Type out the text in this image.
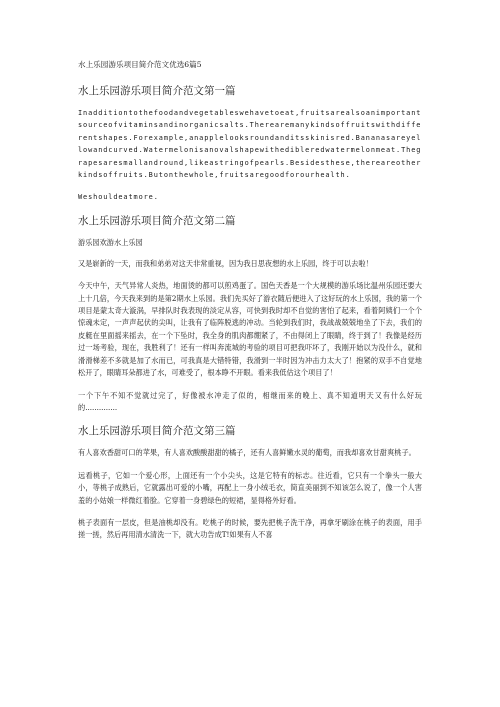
水上乐园游乐项目简介范文优选6篇5
水上乐园游乐项目简介范文第一篇
Inadditiontothefoodandvegetableswehavetoeat,fruitsarealsoanimportantsourceofvitaminsandinorganicsalts.Therearemanykindsoffruitswithdifferentshapes.Forexample,anapplelooksroundanditsskinisred.Bananasareyellowandcurved.Watermelonisanovalshapewithedibleredwatermelonmeat.Thegrapesaresmallandround,likeastringofpearls.Besidesthese,thereareotherkindsoffruits.Butonthewhole,fruitsaregoodforourhealth.
Weshouldeatmore.
水上乐园游乐项目简介范文第二篇
游乐园欢游水上乐园
又是崭新的一天，而我和弟弟对这天非常重视，因为我日思夜想的水上乐园，终于可以去啦！
今天中午，天气异常人炎热，地面烫的都可以煎鸡蛋了。国色天香是一个大规模的游乐场比温州乐园还要大上十几倍，今天我来到的是第2期水上乐园。我们先买好了游衣随后便进入了这好玩的水上乐园，我的第一个项目是蒙太奇大漩涡，早排队时我表现的淡定从容，可快到我时却不自觉的害怕了起来，看着阿姨们一个个惊魂未定，一声声起伏的尖叫，让我有了临阵脱逃的冲动。当轮到我们时，我战战兢兢地坐了下去，我们的皮艇在里面摇来摇去，在一个下坠时，我全身的肌肉都绷紧了，不由得闭上了眼睛，终于到了！我像是经历过一场考验，现在，我胜利了！还有一样叫奔流城的考验的项目可把我吓坏了，我刚开始以为没什么，就和滑滑梯差不多就是加了水而已，可我真是大错特错，我滑到一半时因为冲击力太大了！抱紧的双手不自觉地松开了，眼睛耳朵都进了水，可难受了，根本睁不开眼。看来我低估这个项目了！
一个下午不知不觉就过完了，好像被水冲走了似的，相继而来的晚上、真不知道明天又有什么好玩的..............
水上乐园游乐项目简介范文第三篇
有人喜欢香甜可口的苹果，有人喜欢酸酸甜甜的橘子，还有人喜鲜嫩水灵的葡萄，而我却喜欢甘甜爽桃子。
远看桃子，它如一个爱心形，上面还有一个小尖头，这是它特有的标志。往近看，它只有一个拳头一般大小，等桃子成熟后，它就露出可爱的小嘴，再配上一身小绒毛衣，简直美丽到不知该怎么说了，像一个人害羞的小姑娘一样微红着脸。它穿着一身碧绿色的短裙，显得格外好看。
桃子表面有一层皮，但是油桃却没有。吃桃子的时候，要先把桃子洗干净，再拿牙刷涂在桃子的表面，用手搓一搓，然后再用清水清洗一下，就大功告成T!如果有人不喜
